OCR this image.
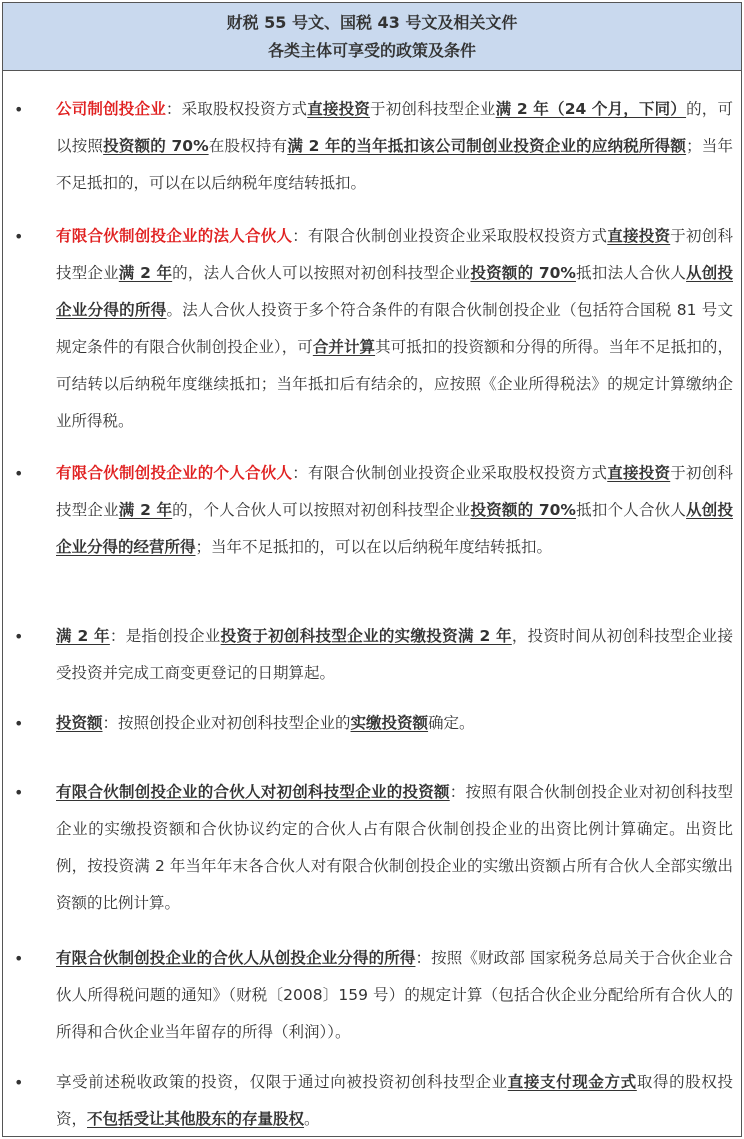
财税 55 号文、国税 43 号文及相关文件
各类主体可享受的政策及条件
• 公司制创投企业：采取股权投资方式直接投资于初创科技型企业满 2 年（24 个月，下同）的，可以按照投资额的 70%在股权持有满 2 年的当年抵扣该公司制创业投资企业的应纳税所得额；当年不足抵扣的，可以在以后纳税年度结转抵扣。
• 有限合伙制创投企业的法人合伙人：有限合伙制创业投资企业采取股权投资方式直接投资于初创科技型企业满 2 年的，法人合伙人可以按照对初创科技型企业投资额的 70%抵扣法人合伙人从创投企业分得的所得。法人合伙人投资于多个符合条件的有限合伙制创投企业（包括符合国税 81 号文规定条件的有限合伙制创投企业），可合并计算其可抵扣的投资额和分得的所得。当年不足抵扣的，可结转以后纳税年度继续抵扣；当年抵扣后有结余的，应按照《企业所得税法》的规定计算缴纳企业所得税。
• 有限合伙制创投企业的个人合伙人：有限合伙制创业投资企业采取股权投资方式直接投资于初创科技型企业满 2 年的，个人合伙人可以按照对初创科技型企业投资额的 70%抵扣个人合伙人从创投企业分得的经营所得；当年不足抵扣的，可以在以后纳税年度结转抵扣。
• 满 2 年：是指创投企业投资于初创科技型企业的实缴投资满 2 年，投资时间从初创科技型企业接受投资并完成工商变更登记的日期算起。
• 投资额：按照创投企业对初创科技型企业的实缴投资额确定。
• 有限合伙制创投企业的合伙人对初创科技型企业的投资额：按照有限合伙制创投企业对初创科技型企业的实缴投资额和合伙协议约定的合伙人占有限合伙制创投企业的出资比例计算确定。出资比例，按投资满 2 年当年年末各合伙人对有限合伙制创投企业的实缴出资额占所有合伙人全部实缴出资额的比例计算。
• 有限合伙制创投企业的合伙人从创投企业分得的所得：按照《财政部 国家税务总局关于合伙企业合伙人所得税问题的通知》（财税〔2008〕159 号）的规定计算（包括合伙企业分配给所有合伙人的所得和合伙企业当年留存的所得（利润））。
• 享受前述税收政策的投资，仅限于通过向被投资初创科技型企业直接支付现金方式取得的股权投资，不包括受让其他股东的存量股权。
